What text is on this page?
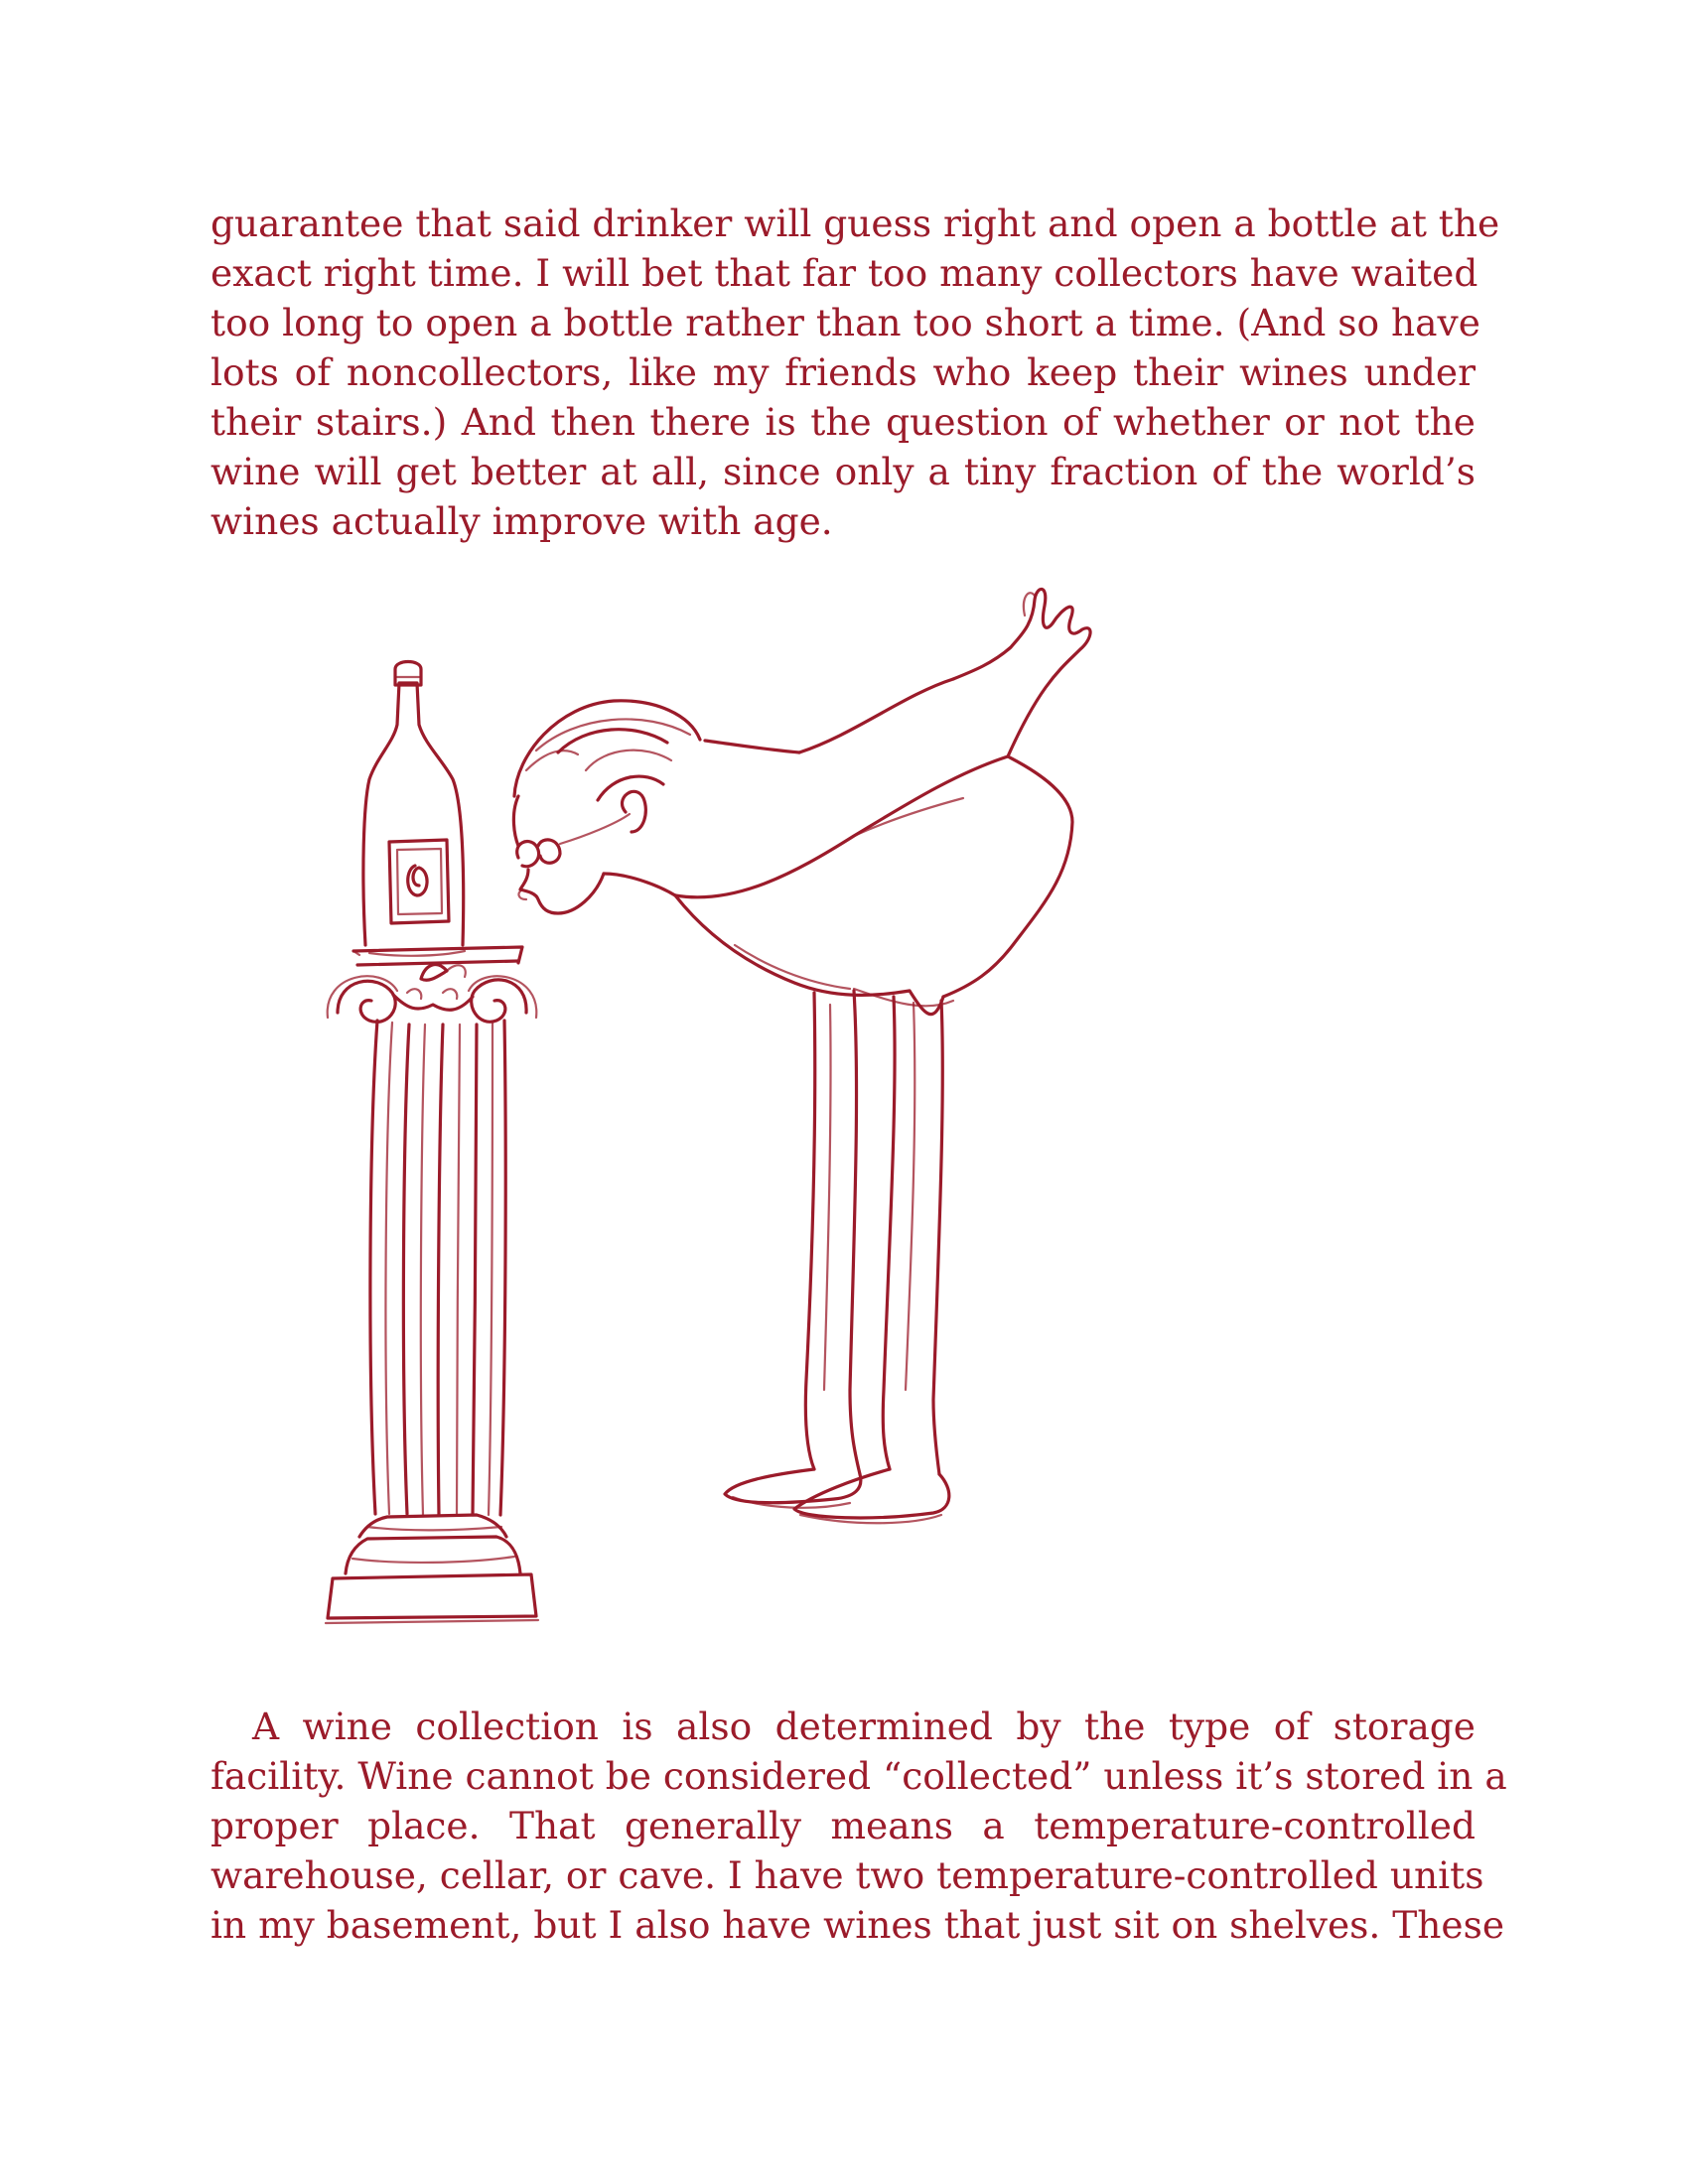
guarantee that said drinker will guess right and open a bottle at the
exact right time. I will bet that far too many collectors have waited
too long to open a bottle rather than too short a time. (And so have
lots of noncollectors, like my friends who keep their wines under
their stairs.) And then there is the question of whether or not the
wine will get better at all, since only a tiny fraction of the world’s
wines actually improve with age.
A wine collection is also determined by the type of storage
facility. Wine cannot be considered “collected” unless it’s stored in a
proper place. That generally means a temperature-controlled
warehouse, cellar, or cave. I have two temperature-controlled units
in my basement, but I also have wines that just sit on shelves. These
